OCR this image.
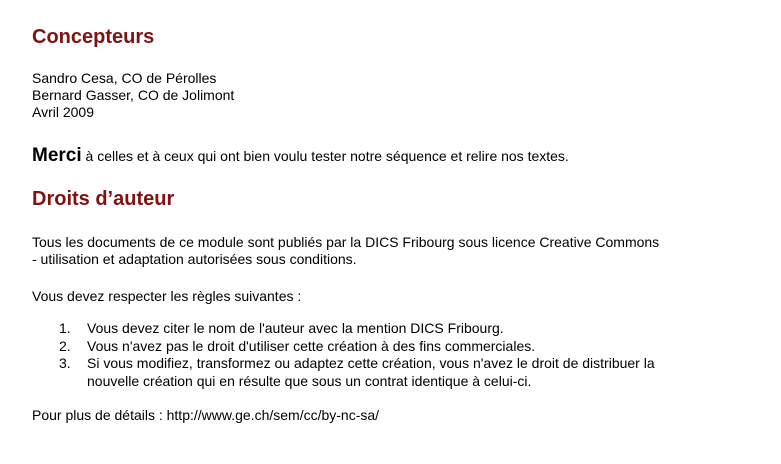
Concepteurs
Sandro Cesa, CO de Pérolles
Bernard Gasser, CO de Jolimont
Avril 2009
Merci à celles et à ceux qui ont bien voulu tester notre séquence et relire nos textes.
Droits d’auteur
Tous les documents de ce module sont publiés par la DICS Fribourg sous licence Creative Commons
- utilisation et adaptation autorisées sous conditions.
Vous devez respecter les règles suivantes :
1. Vous devez citer le nom de l'auteur avec la mention DICS Fribourg.
2. Vous n'avez pas le droit d'utiliser cette création à des fins commerciales.
3. Si vous modifiez, transformez ou adaptez cette création, vous n'avez le droit de distribuer la
nouvelle création qui en résulte que sous un contrat identique à celui-ci.
Pour plus de détails : http://www.ge.ch/sem/cc/by-nc-sa/
